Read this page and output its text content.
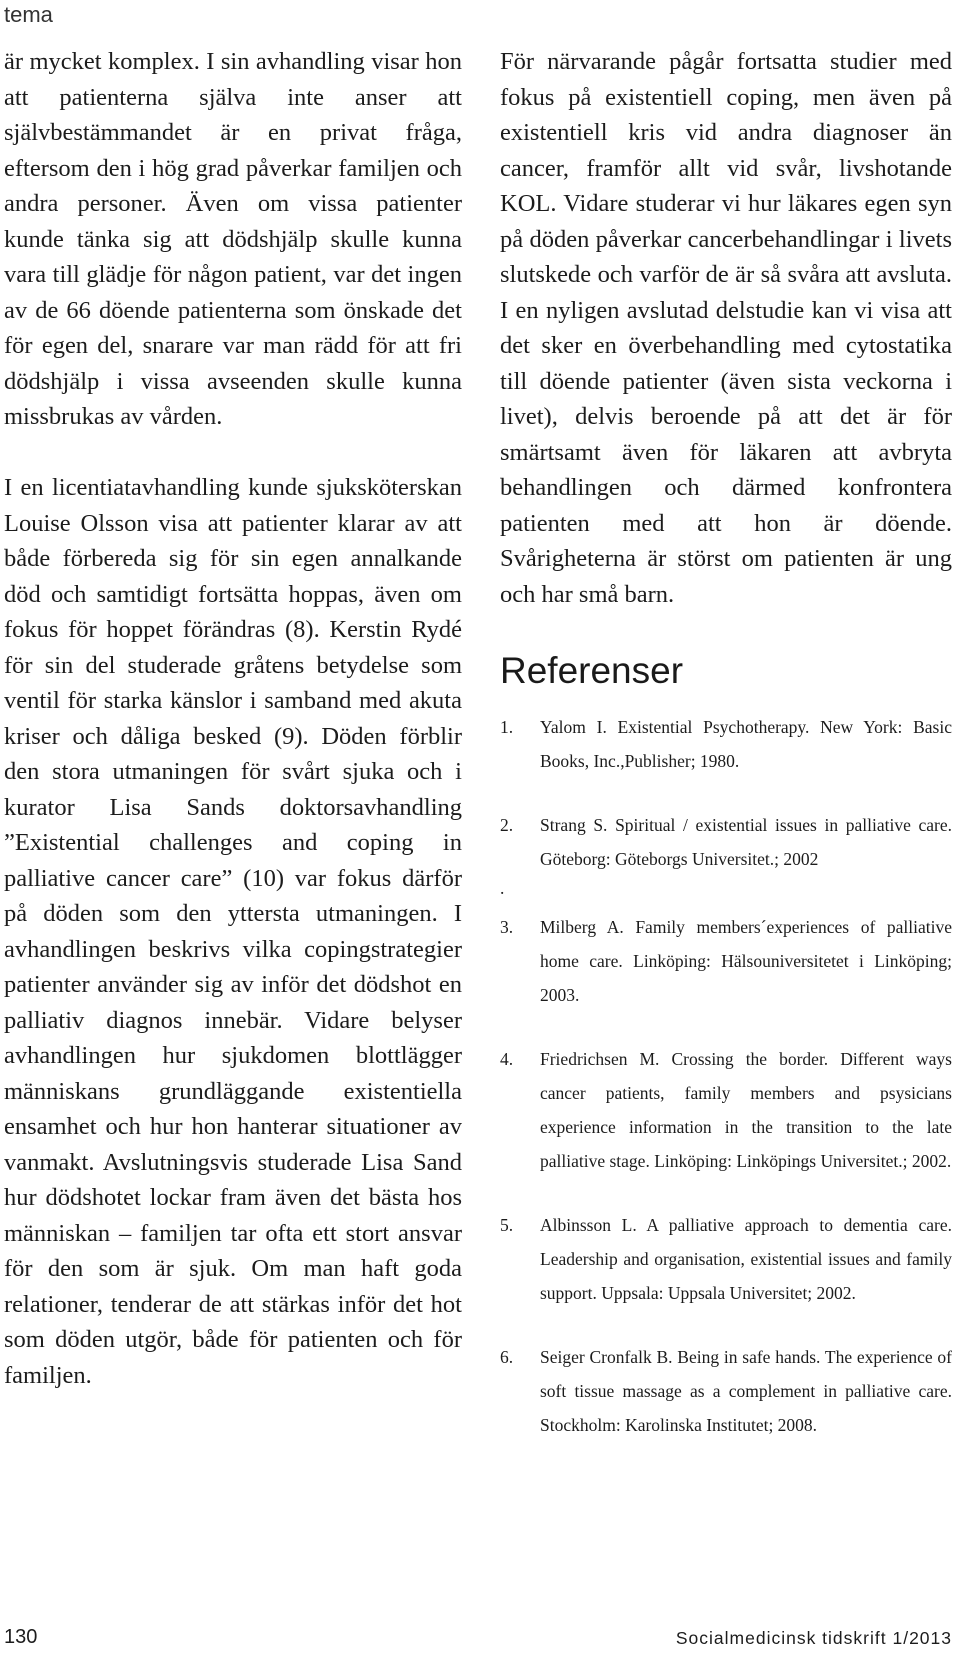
tema

är mycket komplex. I sin avhandling visar hon att patienterna själva inte anser att självbestämmandet är en privat fråga, eftersom den i hög grad påverkar familjen och andra personer. Även om vissa patienter kunde tänka sig att dödshjälp skulle kunna vara till glädje för någon patient, var det ingen av de 66 döende patienterna som önskade det för egen del, snarare var man rädd för att fri dödshjälp i vissa avseenden skulle kunna missbrukas av vården.

I en licentiatavhandling kunde sjuksköterskan Louise Olsson visa att patienter klarar av att både förbereda sig för sin egen annalkande död och samtidigt fortsätta hoppas, även om fokus för hoppet förändras (8). Kerstin Rydé för sin del studerade gråtens betydelse som ventil för starka känslor i samband med akuta kriser och dåliga besked (9). Döden förblir den stora utmaningen för svårt sjuka och i kurator Lisa Sands doktorsavhandling ”Existential challenges and coping in palliative cancer care” (10) var fokus därför på döden som den yttersta utmaningen. I avhandlingen beskrivs vilka copingstrategier patienter använder sig av inför det dödshot en palliativ diagnos innebär. Vidare belyser avhandlingen hur sjukdomen blottlägger människans grundläggande existentiella ensamhet och hur hon hanterar situationer av vanmakt. Avslutningsvis studerade Lisa Sand hur dödshotet lockar fram även det bästa hos människan – familjen tar ofta ett stort ansvar för den som är sjuk. Om man haft goda relationer, tenderar de att stärkas inför det hot som döden utgör, både för patienten och för familjen.

För närvarande pågår fortsatta studier med fokus på existentiell coping, men även på existentiell kris vid andra diagnoser än cancer, framför allt vid svår, livshotande KOL. Vidare studerar vi hur läkares egen syn på döden påverkar cancerbehandlingar i livets slutskede och varför de är så svåra att avsluta. I en nyligen avslutad delstudie kan vi visa att det sker en överbehandling med cytostatika till döende patienter (även sista veckorna i livet), delvis beroende på att det är för smärtsamt även för läkaren att avbryta behandlingen och därmed konfrontera patienten med att hon är döende. Svårigheterna är störst om patienten är ung och har små barn.

Referenser
1.	Yalom I. Existential Psychotherapy. New York: Basic Books, Inc.,Publisher; 1980.
2.	Strang S. Spiritual / existential issues in palliative care. Göteborg: Göteborgs Universitet.; 2002
.
3.	Milberg A. Family members´experiences of palliative home care. Linköping: Hälsouniversitetet i Linköping; 2003.
4.	Friedrichsen M. Crossing the border. Different ways cancer patients, family members and psysicians experience information in the transition to the late palliative stage. Linköping: Linköpings Universitet.; 2002.
5.	Albinsson L. A palliative approach to dementia care. Leadership and organisation, existential issues and family support. Uppsala: Uppsala Universitet; 2002.
6.	Seiger Cronfalk B. Being in safe hands. The experience of soft tissue massage as a complement in palliative care. Stockholm: Karolinska Institutet; 2008.
130	Socialmedicinsk tidskrift 1/2013
